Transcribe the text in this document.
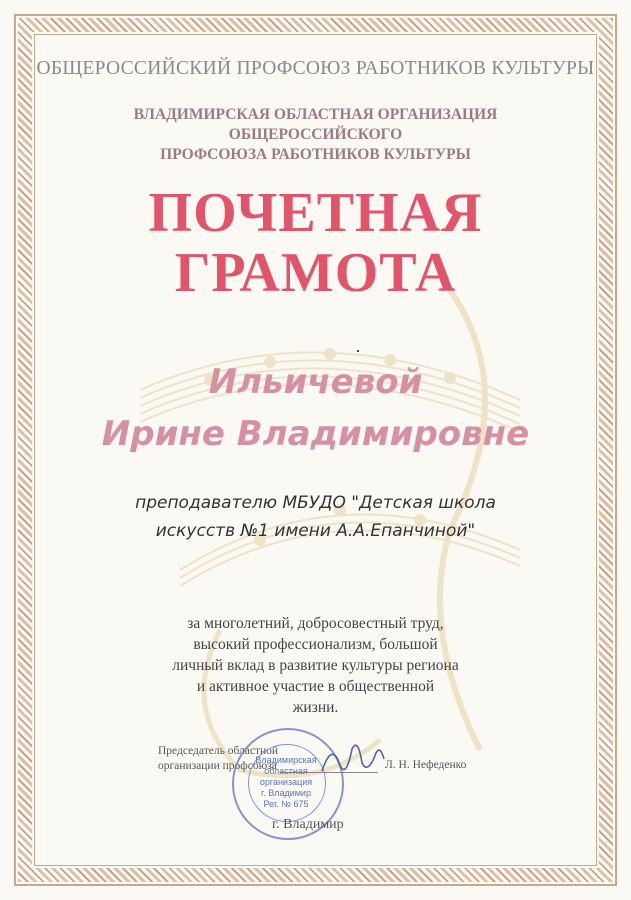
ОБЩЕРОССИЙСКИЙ ПРОФСОЮЗ РАБОТНИКОВ КУЛЬТУРЫ
ВЛАДИМИРСКАЯ ОБЛАСТНАЯ ОРГАНИЗАЦИЯ
ОБЩЕРОССИЙСКОГО
ПРОФСОЮЗА РАБОТНИКОВ КУЛЬТУРЫ
ПОЧЕТНАЯ
ГРАМОТА
Ильичевой
Ирине Владимировне
преподавателю МБУДО "Детская школа
искусств №1 имени А.А.Епанчиной"
за многолетний, добросовестный труд,
высокий профессионализм, большой
личный вклад в развитие культуры региона
и активное участие в общественной
жизни.
Председатель областной
организации профсоюза	Л. Н. Нефеденко
Владимирская
областная
организация
г. Владимир
Рег. № 675
г. Владимир
